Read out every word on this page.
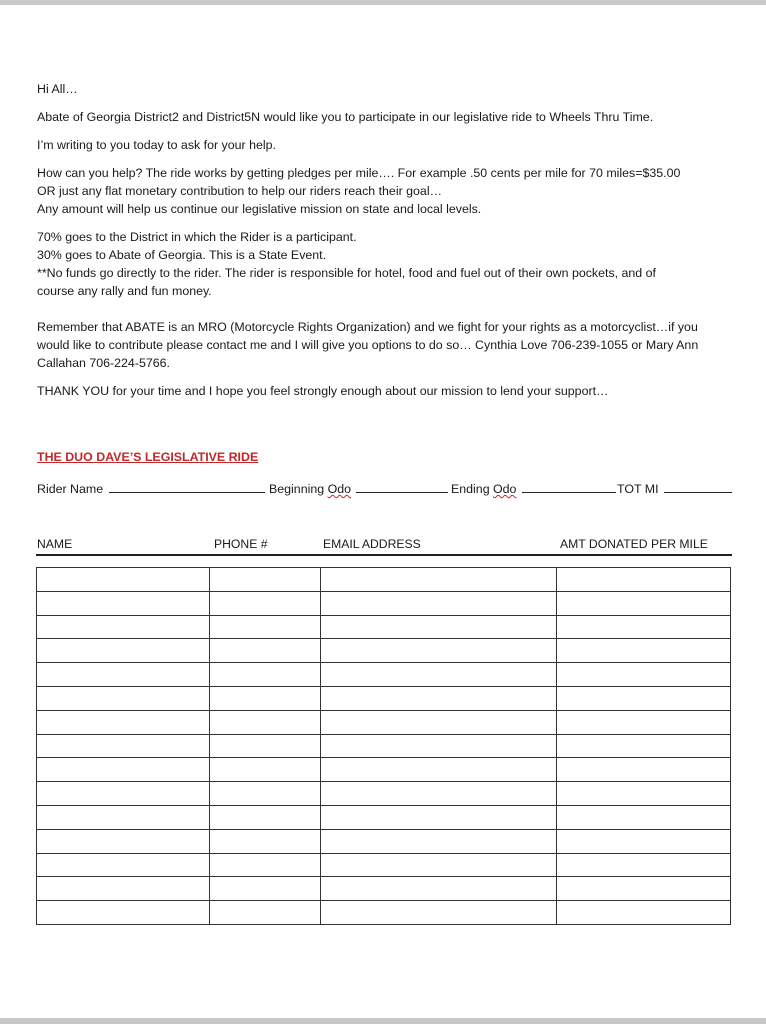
Hi All…

Abate of Georgia District2 and District5N would like you to participate in our legislative ride to Wheels Thru Time.

I’m writing to you today to ask for your help.

How can you help? The ride works by getting pledges per mile…. For example .50 cents per mile for 70 miles=$35.00

OR just any flat monetary contribution to help our riders reach their goal…

Any amount will help us continue our legislative mission on state and local levels.

70% goes to the District in which the Rider is a participant.

30% goes to Abate of Georgia. This is a State Event.

**No funds go directly to the rider. The rider is responsible for hotel, food and fuel out of their own pockets, and of

course any rally and fun money.

Remember that ABATE is an MRO (Motorcycle Rights Organization) and we fight for your rights as a motorcyclist…if you

would like to contribute please contact me and I will give you options to do so… Cynthia Love 706-239-1055 or Mary Ann

Callahan 706-224-5766.

THANK YOU for your time and I hope you feel strongly enough about our mission to lend your support…

THE DUO DAVE’S LEGISLATIVE RIDE
Rider Name	Beginning Odo	Ending Odo	TOT MI
NAME	PHONE #	EMAIL ADDRESS	AMT DONATED PER MILE
